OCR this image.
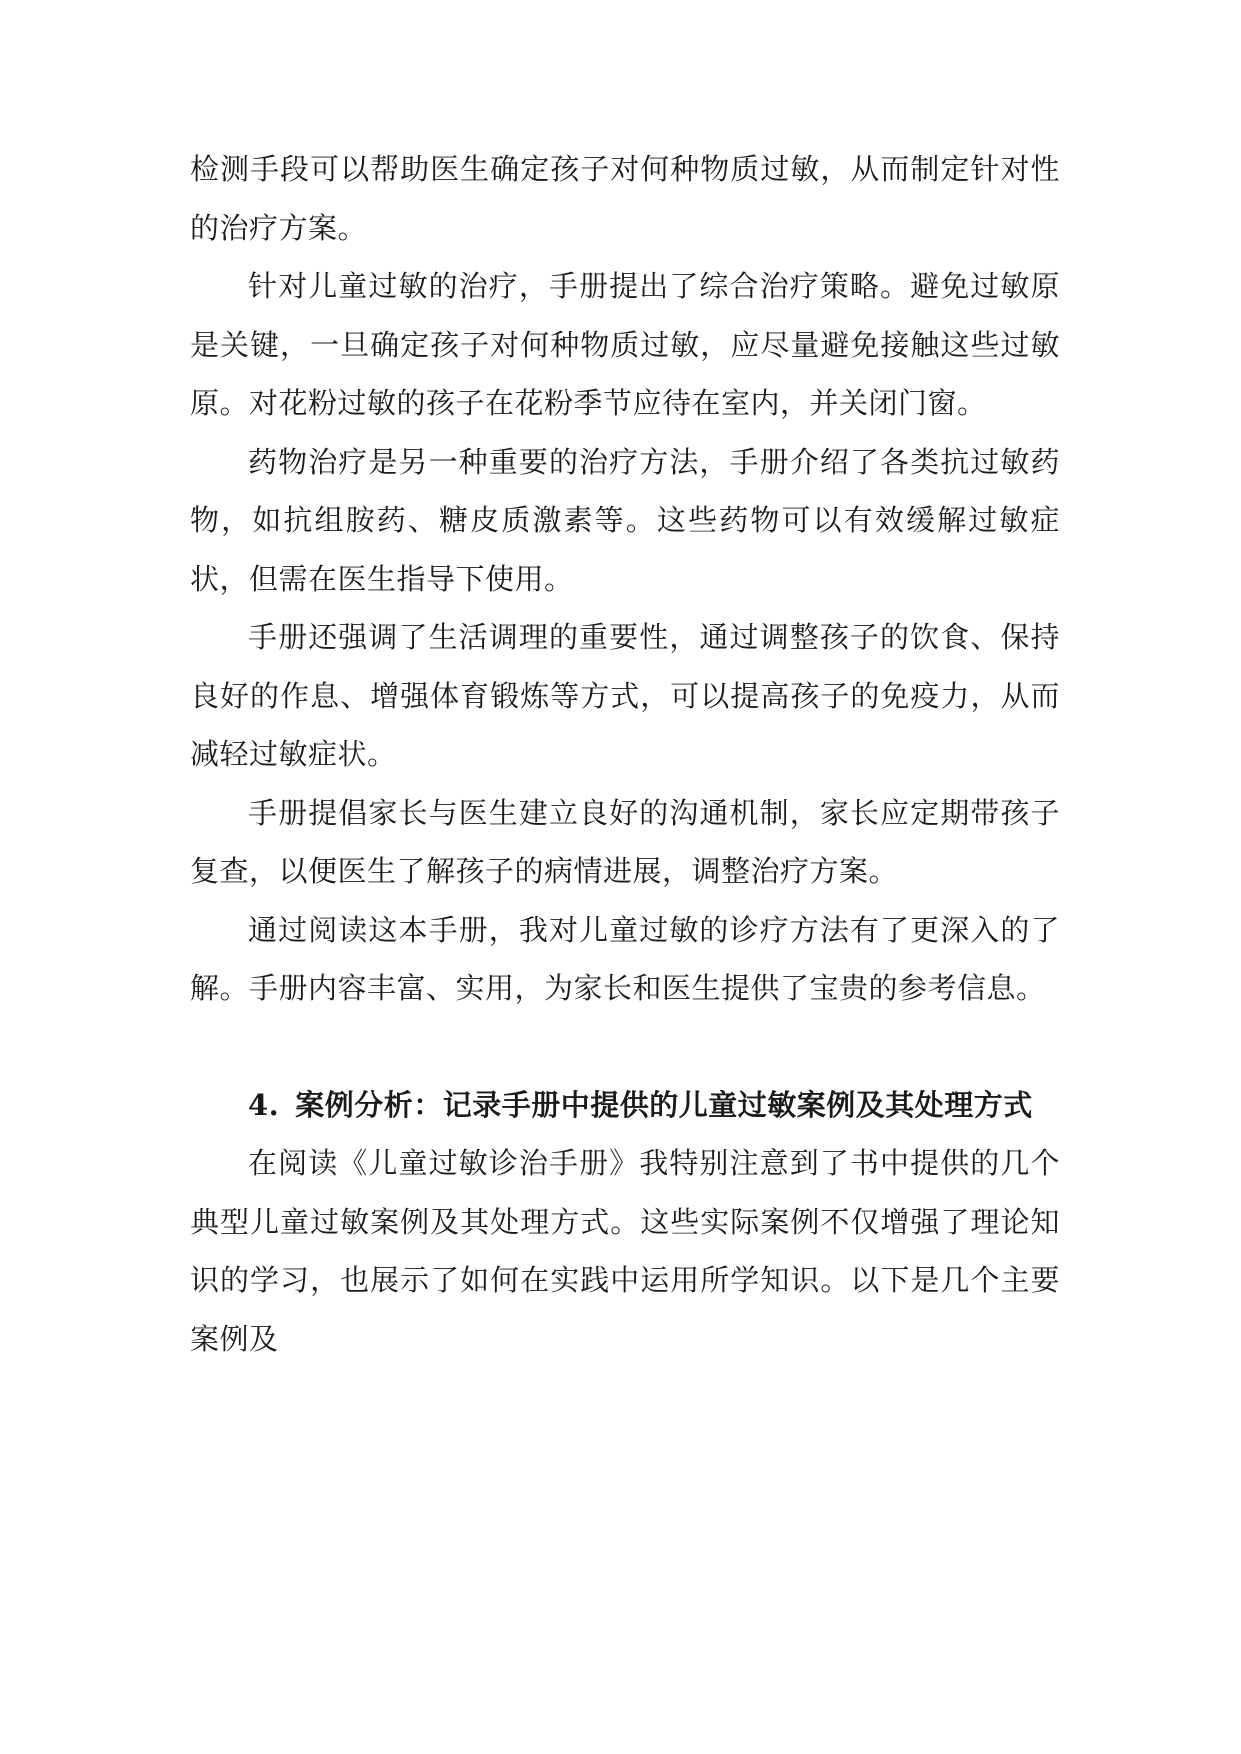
检测手段可以帮助医生确定孩子对何种物质过敏，从而制定针对性的治疗方案。

针对儿童过敏的治疗，手册提出了综合治疗策略。避免过敏原是关键，一旦确定孩子对何种物质过敏，应尽量避免接触这些过敏原。对花粉过敏的孩子在花粉季节应待在室内，并关闭门窗。

药物治疗是另一种重要的治疗方法，手册介绍了各类抗过敏药物，如抗组胺药、糖皮质激素等。这些药物可以有效缓解过敏症状，但需在医生指导下使用。

手册还强调了生活调理的重要性，通过调整孩子的饮食、保持良好的作息、增强体育锻炼等方式，可以提高孩子的免疫力，从而减轻过敏症状。

手册提倡家长与医生建立良好的沟通机制，家长应定期带孩子复查，以便医生了解孩子的病情进展，调整治疗方案。

通过阅读这本手册，我对儿童过敏的诊疗方法有了更深入的了解。手册内容丰富、实用，为家长和医生提供了宝贵的参考信息。

4. 案例分析：记录手册中提供的儿童过敏案例及其处理方式

在阅读《儿童过敏诊治手册》我特别注意到了书中提供的几个典型儿童过敏案例及其处理方式。这些实际案例不仅增强了理论知识的学习，也展示了如何在实践中运用所学知识。以下是几个主要案例及
